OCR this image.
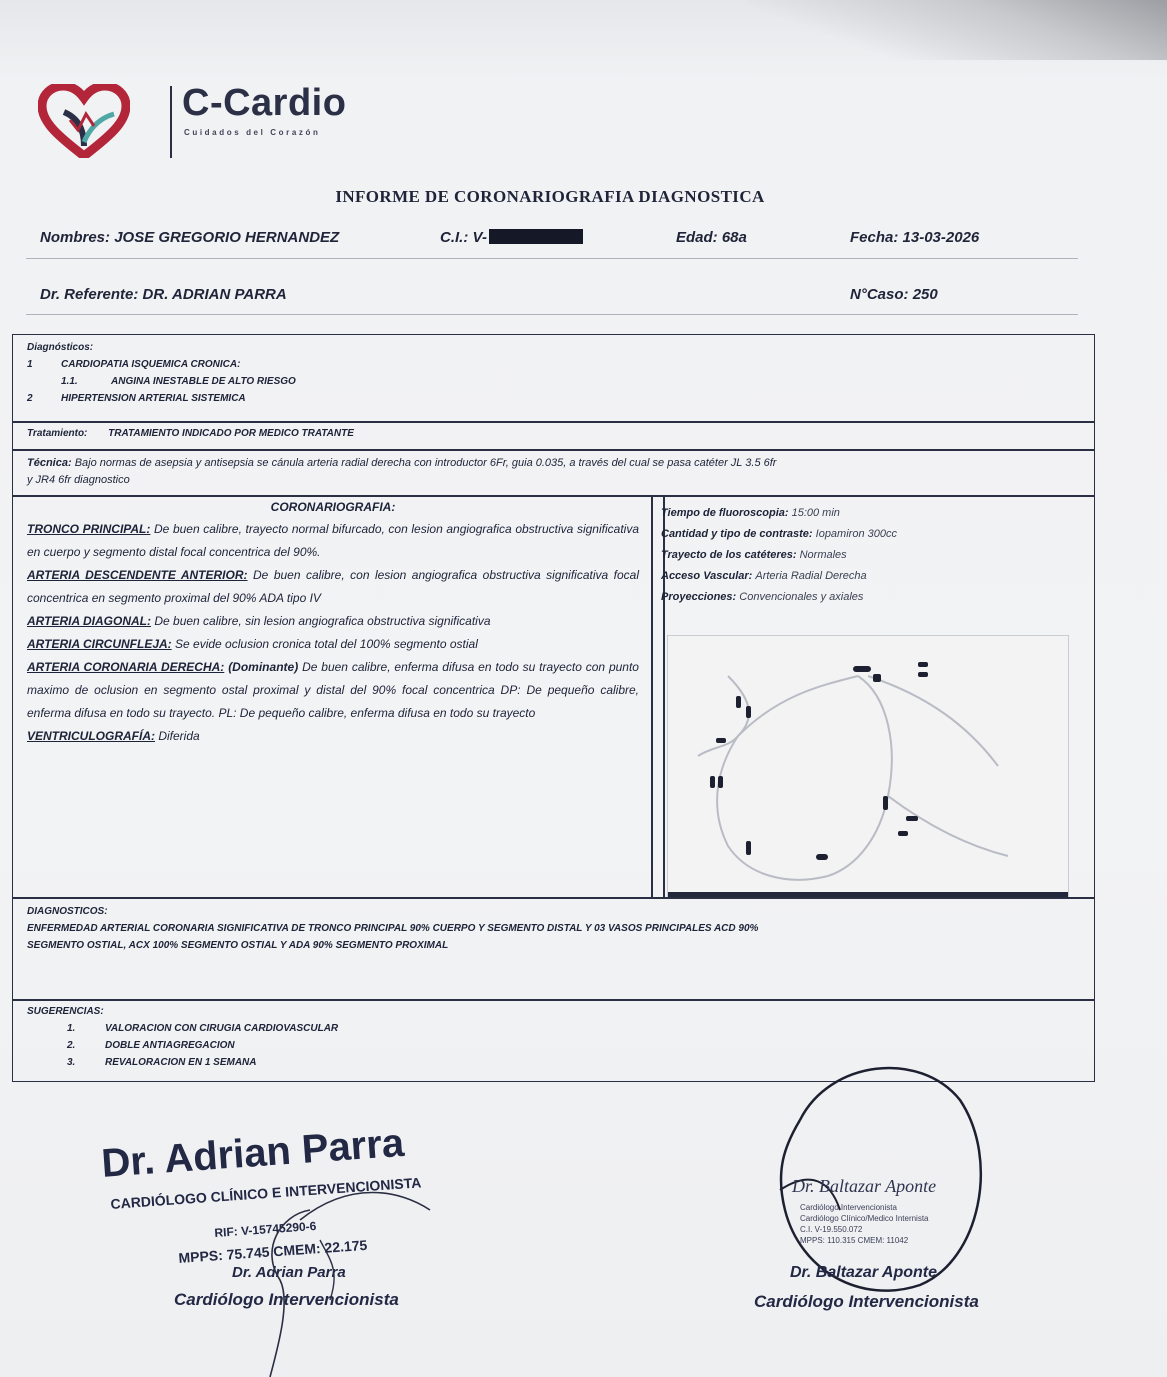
C-Cardio
Cuidados del Corazón
INFORME DE CORONARIOGRAFIA DIAGNOSTICA
Nombres: JOSE GREGORIO HERNANDEZ	C.I.: V-	Edad: 68a	Fecha: 13-03-2026
Dr. Referente: DR. ADRIAN PARRA	N°Caso: 250
Diagnósticos:
1	CARDIOPATIA ISQUEMICA CRONICA:
1.1.	ANGINA INESTABLE DE ALTO RIESGO
2	HIPERTENSION ARTERIAL SISTEMICA
Tratamiento: TRATAMIENTO INDICADO POR MEDICO TRATANTE
Técnica: Bajo normas de asepsia y antisepsia se cánula arteria radial derecha con introductor 6Fr, guia 0.035, a través del cual se pasa catéter JL 3.5 6fr
y JR4 6fr diagnostico
CORONARIOGRAFIA:
TRONCO PRINCIPAL: De buen calibre, trayecto normal bifurcado, con lesion angiografica obstructiva significativa en cuerpo y segmento distal focal concentrica del 90%.
ARTERIA DESCENDENTE ANTERIOR: De buen calibre, con lesion angiografica obstructiva significativa focal concentrica en segmento proximal del 90% ADA tipo IV
ARTERIA DIAGONAL: De buen calibre, sin lesion angiografica obstructiva significativa
ARTERIA CIRCUNFLEJA: Se evide oclusion cronica total del 100% segmento ostial
ARTERIA CORONARIA DERECHA: (Dominante) De buen calibre, enferma difusa en todo su trayecto con punto maximo de oclusion en segmento ostal proximal y distal del 90% focal concentrica DP: De pequeño calibre, enferma difusa en todo su trayecto. PL: De pequeño calibre, enferma difusa en todo su trayecto
VENTRICULOGRAFÍA: Diferida
Tiempo de fluoroscopia: 15:00 min
Cantidad y tipo de contraste: Iopamiron 300cc
Trayecto de los catéteres: Normales
Acceso Vascular: Arteria Radial Derecha
Proyecciones: Convencionales y axiales
DIAGNOSTICOS:
ENFERMEDAD ARTERIAL CORONARIA SIGNIFICATIVA DE TRONCO PRINCIPAL 90% CUERPO Y SEGMENTO DISTAL Y 03 VASOS PRINCIPALES ACD 90%
SEGMENTO OSTIAL, ACX 100% SEGMENTO OSTIAL Y ADA 90% SEGMENTO PROXIMAL
SUGERENCIAS:
1.	VALORACION CON CIRUGIA CARDIOVASCULAR
2.	DOBLE ANTIAGREGACION
3.	REVALORACION EN 1 SEMANA
Dr. Adrian Parra
CARDIÓLOGO CLÍNICO E INTERVENCIONISTA
RIF: V-15745290-6
MPPS: 75.745 CMEM: 22.175
Dr. Adrian Parra
Cardiólogo Intervencionista
Dr. Baltazar Aponte
Cardiólogo Intervencionista
Cardiólogo Clínico/Medico Internista
C.I. V-19.550.072
MPPS: 110.315 CMEM: 11042
Dr. Baltazar Aponte
Cardiólogo Intervencionista
